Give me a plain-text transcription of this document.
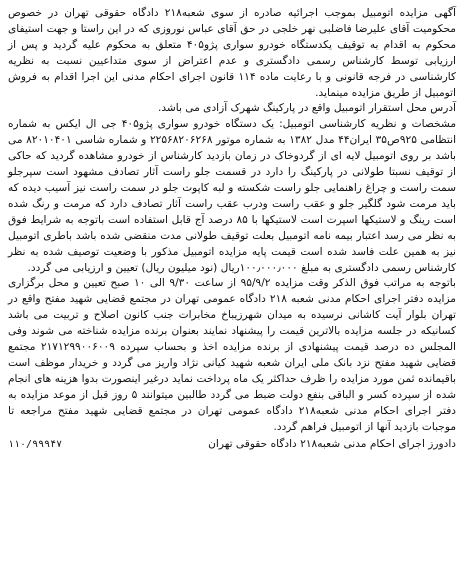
آگهی مزایده اتومبیل بموجب اجرائیه صادره از سوی شعبه۲۱۸ دادگاه حقوقی تهران در خصوص محکومیت آقای علیرضا فاضلبی نهر خلجی در حق آقای عباس نوروزی که در این راستا و جهت استیفای محکوم به اقدام به توقیف یکدستگاه خودرو سواری پژو۴۰۵ متعلق به محکوم علیه گردید و پس از ارزیابی توسط کارشناس رسمی دادگستری و عدم اعتراض از سوی متداعیین نسبت به نظریه کارشناسی در فرجه قانونی و با رعایت ماده ۱۱۴ قانون اجرای احکام مدنی این اجرا اقدام به فروش اتومبیل از طریق مزایده مینماید.

آدرس محل استقرار اتومبیل واقع در پارکینگ شهرک آزادی می باشد.

مشخصات و نظریه کارشناسی اتومبیل: یک دستگاه خودرو سواری پژو۴۰۵ جی ال ایکس به شماره انتظامی ۹۲۵ص۳۵ ایران۴۴ مدل ۱۳۸۲ به شماره موتور ۲۲۵۶۸۲۰۶۲۶۸ و شماره شاسی ۸۲۰۱۰۴۰۱ می باشد بر روی اتومبیل لایه ای از گردوخاک در زمان بازدید کارشناس از خودرو مشاهده گردید که حاکی از توقیف نسبتا طولانی در پارکینگ را دارد در قسمت جلو راست آثار تصادف مشهود است سپرجلو سمت راست و چراغ راهنمایی جلو راست شکسته و لبه کاپوت جلو در سمت راست نیز آسیب دیده که باید مرمت شود گلگیر جلو و عقب راست ودرب عقب راست آثار تصادف دارد که مرمت و رنگ شده است رینگ و لاستیکها اسپرت است لاستیکها با ۸۵ درصد آج قابل استفاده است باتوجه به شرایط فوق به نظر می رسد اعتبار بیمه نامه اتومبیل بعلت توقیف طولانی مدت منقضی شده باشد باطری اتومبیل نیز به همین علت فاسد شده است قیمت پایه مزایده اتومبیل مذکور با وضعیت توصیف شده به نظر کارشناس رسمی دادگستری به مبلغ ۱۰۰٫۰۰۰٫۰۰۰ریال (نود میلیون ریال) تعیین و ارزیابی می گردد.

باتوجه به مراتب فوق الذکر وقت مزایده ۹۵/۹/۲ از ساعت ۹/۳۰ الی ۱۰ صبح تعیین و محل برگزاری مزایده دفتر اجرای احکام مدنی شعبه ۲۱۸ دادگاه عمومی تهران در مجتمع قضایی شهید مفتح واقع در تهران بلوار آیت کاشانی نرسیده به میدان شهرزیباخ مخابرات جنب کانون اصلاح و تربیت می باشد کسانیکه در جلسه مزایده بالاترین قیمت را پیشنهاد نمایند بعنوان برنده مزایده شناخته می شوند وفی المجلس ده درصد قیمت پیشنهادی از برنده مزایده اخذ و بحساب سپرده ۲۱۷۱۲۹۹۰۰۶۰۰۹ مجتمع قضایی شهید مفتح نزد بانک ملی ایران شعبه شهید کیانی نژاد واریز می گردد و خریدار موظف است باقیمانده ثمن مورد مزایده را ظرف حداکثر یک ماه پرداخت نماید درغیر اینصورت بدوا هزینه های انجام شده از سپرده کسر و الباقی بنفع دولت ضبط می گردد طالبین میتوانند ۵ روز قبل از موعد مزایده به دفتر اجرای احکام مدنی شعبه۲۱۸ دادگاه عمومی تهران در مجتمع قضایی شهید مفتح مراجعه تا موجبات بازدید آنها از اتومبیل فراهم گردد.

دادورز اجرای احکام مدنی شعبه۲۱۸ دادگاه حقوقی تهران
۱۱۰/۹۹۹۴۷
